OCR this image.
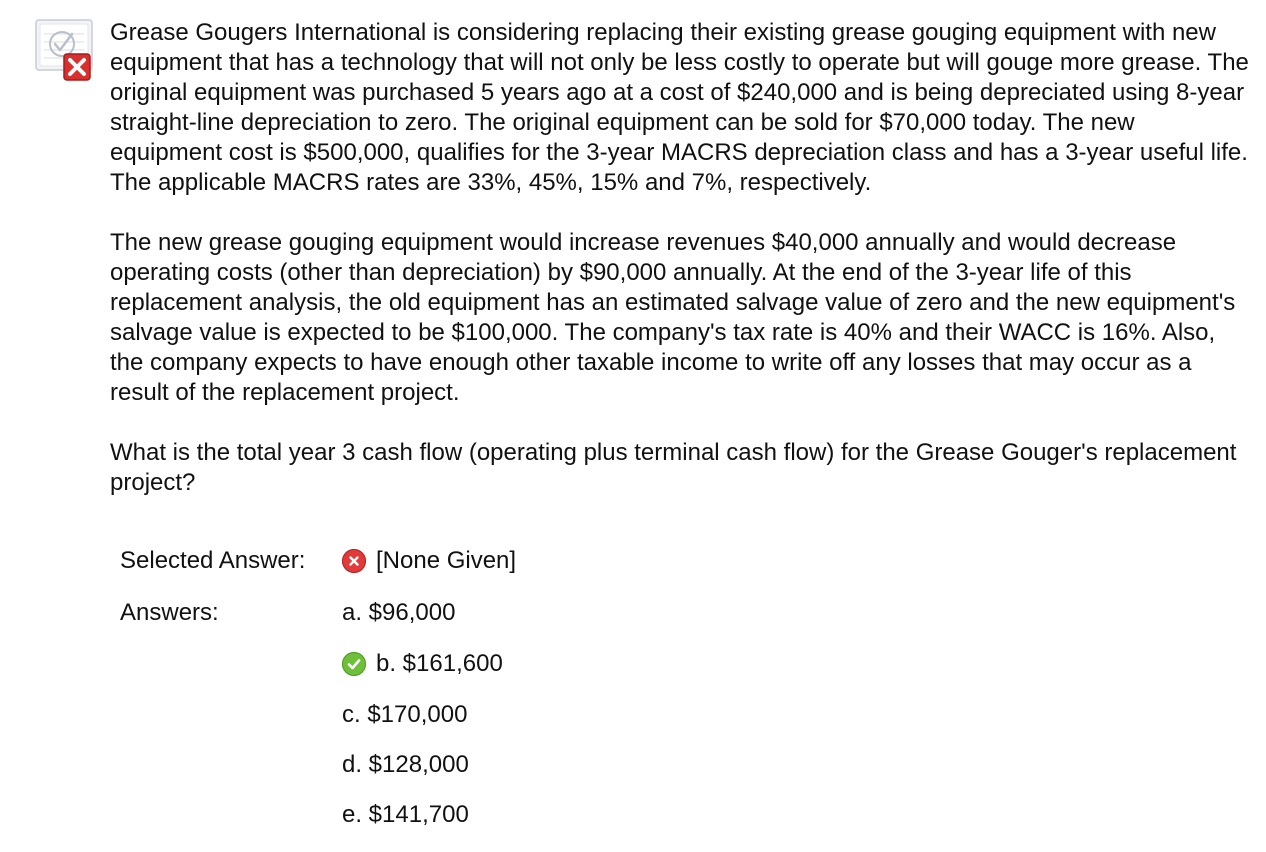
Grease Gougers International is considering replacing their existing grease gouging equipment with new equipment that has a technology that will not only be less costly to operate but will gouge more grease. The original equipment was purchased 5 years ago at a cost of $240,000 and is being depreciated using 8-year straight-line depreciation to zero. The original equipment can be sold for $70,000 today. The new equipment cost is $500,000, qualifies for the 3-year MACRS depreciation class and has a 3-year useful life. The applicable MACRS rates are 33%, 45%, 15% and 7%, respectively.

The new grease gouging equipment would increase revenues $40,000 annually and would decrease operating costs (other than depreciation) by $90,000 annually. At the end of the 3-year life of this replacement analysis, the old equipment has an estimated salvage value of zero and the new equipment's salvage value is expected to be $100,000. The company's tax rate is 40% and their WACC is 16%. Also, the company expects to have enough other taxable income to write off any losses that may occur as a result of the replacement project.

What is the total year 3 cash flow (operating plus terminal cash flow) for the Grease Gouger's replacement project?

Selected Answer:	[None Given]
Answers:	a. $96,000
b. $161,600
c. $170,000
d. $128,000
e. $141,700
